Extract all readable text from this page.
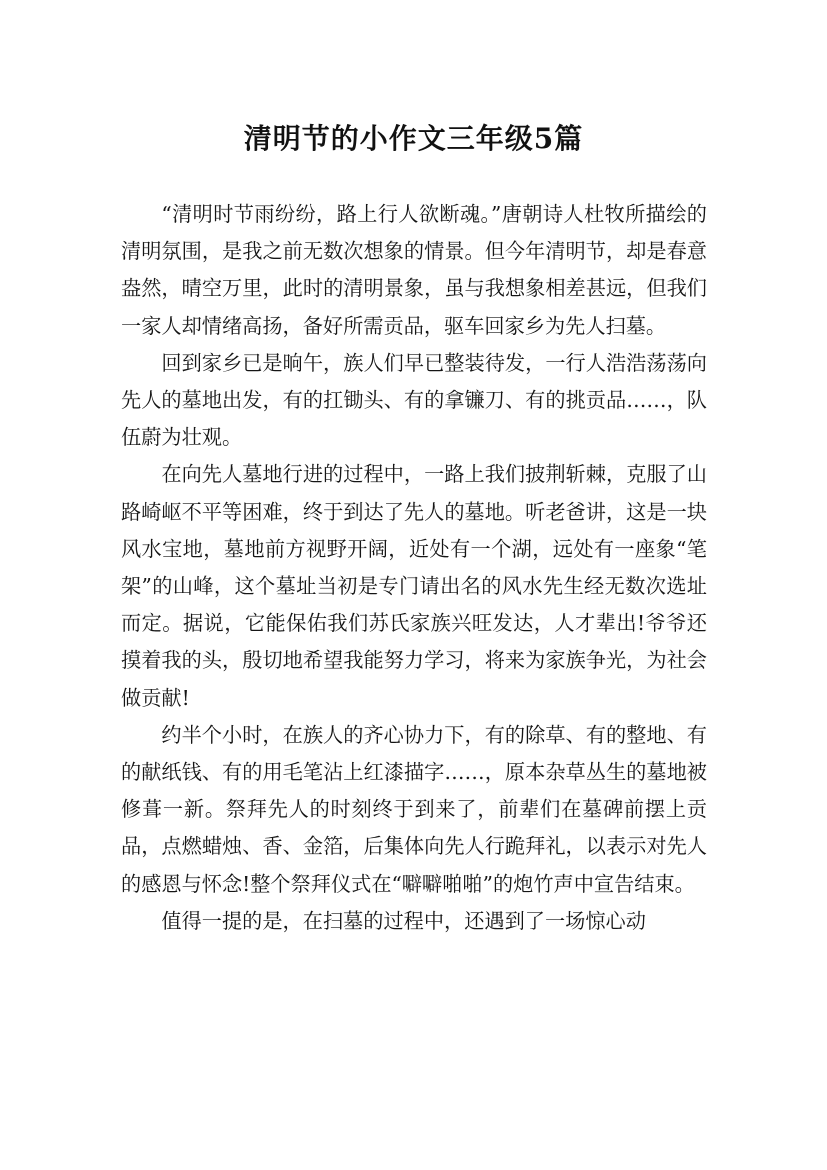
清明节的小作文三年级5篇

“清明时节雨纷纷，路上行人欲断魂。”唐朝诗人杜牧所描绘的清明氛围，是我之前无数次想象的情景。但今年清明节，却是春意盎然，晴空万里，此时的清明景象，虽与我想象相差甚远，但我们一家人却情绪高扬，备好所需贡品，驱车回家乡为先人扫墓。

回到家乡已是晌午，族人们早已整装待发，一行人浩浩荡荡向先人的墓地出发，有的扛锄头、有的拿镰刀、有的挑贡品……，队伍蔚为壮观。

在向先人墓地行进的过程中，一路上我们披荆斩棘，克服了山路崎岖不平等困难，终于到达了先人的墓地。听老爸讲，这是一块风水宝地，墓地前方视野开阔，近处有一个湖，远处有一座象“笔架”的山峰，这个墓址当初是专门请出名的风水先生经无数次选址而定。据说，它能保佑我们苏氏家族兴旺发达，人才辈出!爷爷还摸着我的头，殷切地希望我能努力学习，将来为家族争光，为社会做贡献!

约半个小时，在族人的齐心协力下，有的除草、有的整地、有的献纸钱、有的用毛笔沾上红漆描字……，原本杂草丛生的墓地被修葺一新。祭拜先人的时刻终于到来了，前辈们在墓碑前摆上贡品，点燃蜡烛、香、金箔，后集体向先人行跪拜礼，以表示对先人的感恩与怀念!整个祭拜仪式在“噼噼啪啪”的炮竹声中宣告结束。

值得一提的是，在扫墓的过程中，还遇到了一场惊心动
